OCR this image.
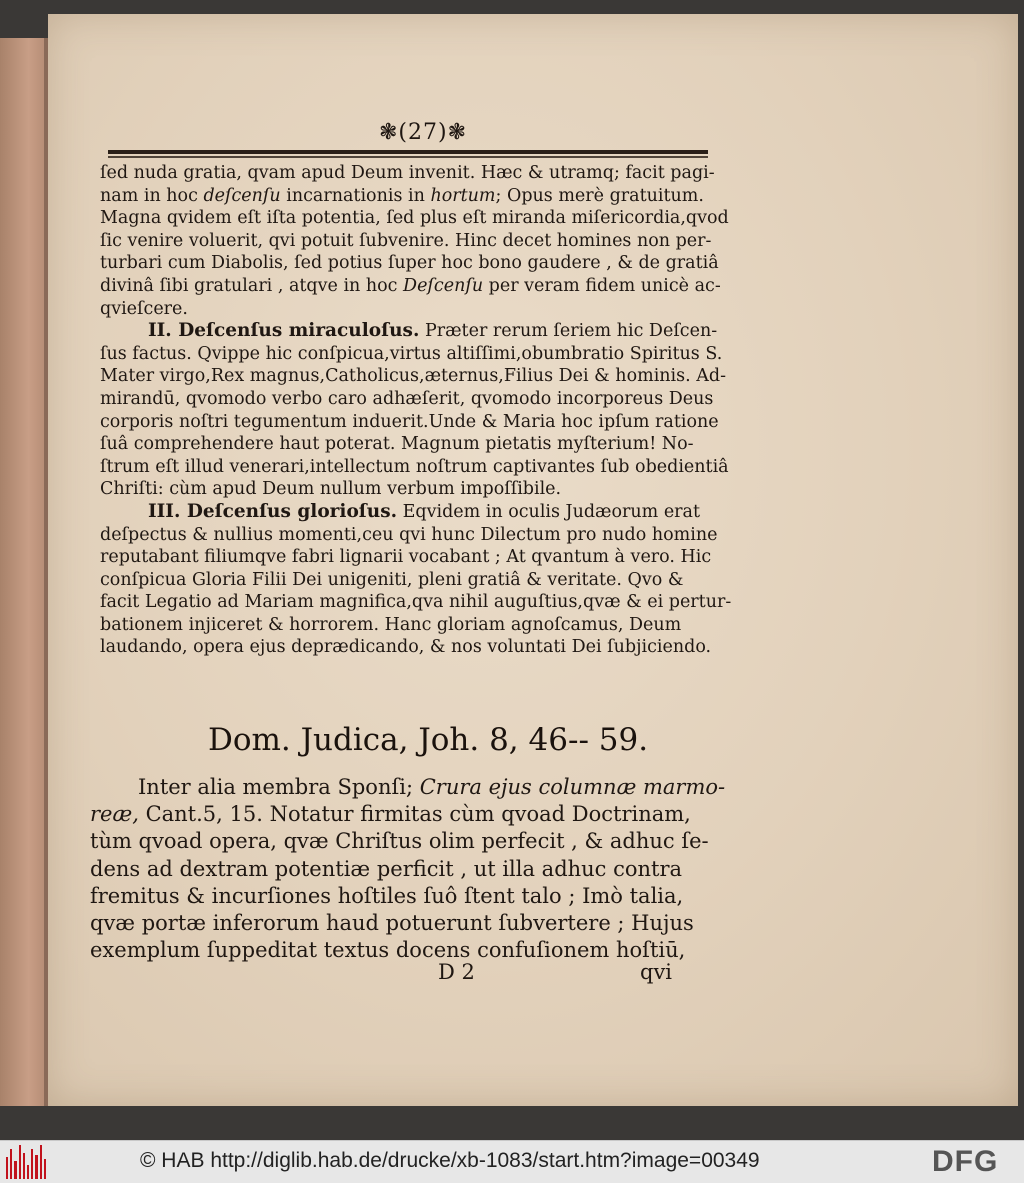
❃(27)❃
ſed nuda gratia, qvam apud Deum invenit. Hæc & utramq; facit pagi-
nam in hoc deſcenſu incarnationis in hortum; Opus merè gratuitum.
Magna qvidem eſt iſta potentia, ſed plus eſt miranda miſericordia,qvod
ſic venire voluerit, qvi potuit ſubvenire. Hinc decet homines non per-
turbari cum Diabolis, ſed potius ſuper hoc bono gaudere , & de gratiâ
divinâ ſibi gratulari , atqve in hoc Deſcenſu per veram fidem unicè ac-
qvieſcere.
II. Deſcenſus miraculoſus. Præter rerum ſeriem hic Deſcen-
ſus factus. Qvippe hic conſpicua,virtus altiſſimi,obumbratio Spiritus S.
Mater virgo,Rex magnus,Catholicus,æternus,Filius Dei & hominis. Ad-
mirandū, qvomodo verbo caro adhæſerit, qvomodo incorporeus Deus
corporis noſtri tegumentum induerit.Unde & Maria hoc ipſum ratione
ſuâ comprehendere haut poterat. Magnum pietatis myſterium! No-
ſtrum eſt illud venerari,intellectum noſtrum captivantes ſub obedientiâ
Chriſti: cùm apud Deum nullum verbum impoſſibile.
III. Deſcenſus glorioſus. Eqvidem in oculis Judæorum erat
deſpectus & nullius momenti,ceu qvi hunc Dilectum pro nudo homine
reputabant filiumqve fabri lignarii vocabant ; At qvantum à vero. Hic
conſpicua Gloria Filii Dei unigeniti, pleni gratiâ & veritate. Qvo &
facit Legatio ad Mariam magnifica,qva nihil auguſtius,qvæ & ei pertur-
bationem injiceret & horrorem. Hanc gloriam agnoſcamus, Deum
laudando, opera ejus deprædicando, & nos voluntati Dei ſubjiciendo.
Dom. Judica, Joh. 8, 46-- 59.
Inter alia membra Sponſi; Crura ejus columnæ marmo-
reæ, Cant.5, 15. Notatur firmitas cùm qvoad Doctrinam,
tùm qvoad opera, qvæ Chriſtus olim perfecit , & adhuc ſe-
dens ad dextram potentiæ perficit , ut illa adhuc contra
fremitus & incurſiones hoſtiles ſuô ſtent talo ; Imò talia,
qvæ portæ inferorum haud potuerunt ſubvertere ; Hujus
exemplum ſuppeditat textus docens confuſionem hoſtiū,
D 2	qvi
© HAB http://diglib.hab.de/drucke/xb-1083/start.htm?image=00349	DFG
